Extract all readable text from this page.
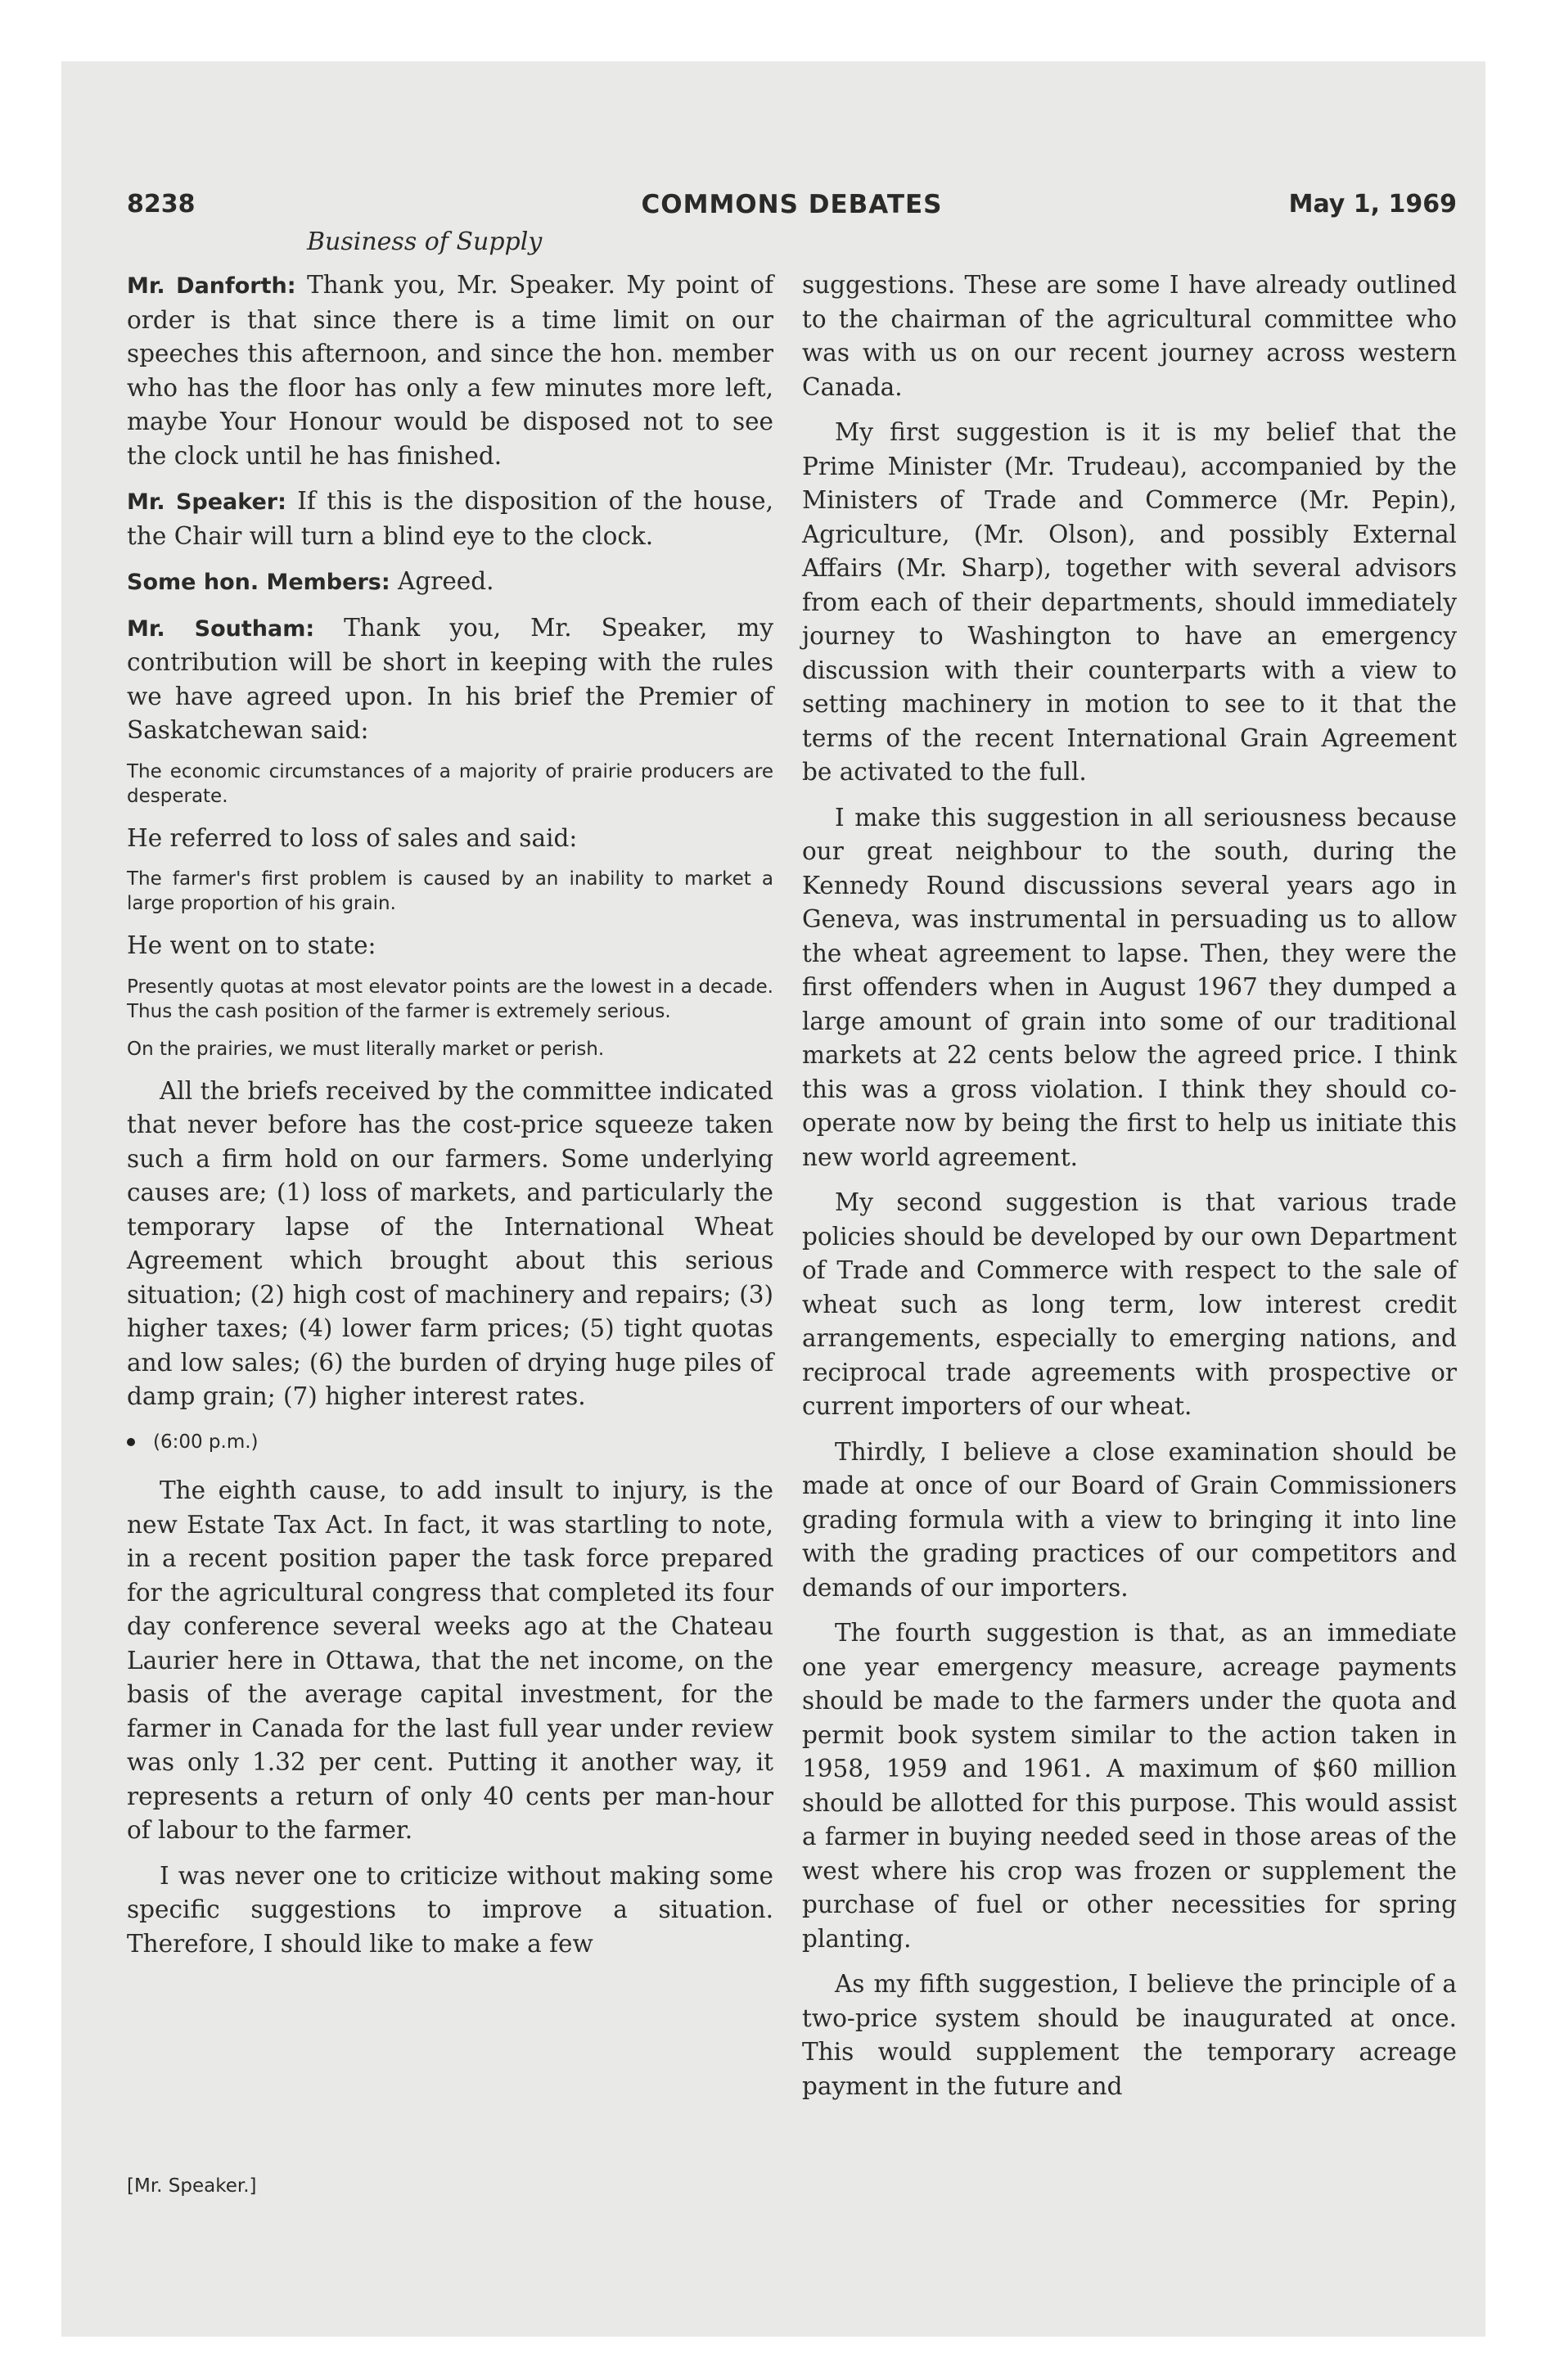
8238	COMMONS DEBATES	May 1, 1969
Business of Supply

Mr. Danforth: Thank you, Mr. Speaker. My point of order is that since there is a time limit on our speeches this afternoon, and since the hon. member who has the floor has only a few minutes more left, maybe Your Honour would be disposed not to see the clock until he has finished.

Mr. Speaker: If this is the disposition of the house, the Chair will turn a blind eye to the clock.

Some hon. Members: Agreed.

Mr. Southam: Thank you, Mr. Speaker, my contribution will be short in keeping with the rules we have agreed upon. In his brief the Premier of Saskatchewan said:

The economic circumstances of a majority of prairie producers are desperate.

He referred to loss of sales and said:

The farmer's first problem is caused by an inability to market a large proportion of his grain.

He went on to state:

Presently quotas at most elevator points are the lowest in a decade. Thus the cash position of the farmer is extremely serious.

On the prairies, we must literally market or perish.

All the briefs received by the committee indicated that never before has the cost-price squeeze taken such a firm hold on our farmers. Some underlying causes are; (1) loss of markets, and particularly the temporary lapse of the International Wheat Agreement which brought about this serious situation; (2) high cost of machinery and repairs; (3) higher taxes; (4) lower farm prices; (5) tight quotas and low sales; (6) the burden of drying huge piles of damp grain; (7) higher interest rates.

(6:00 p.m.)

The eighth cause, to add insult to injury, is the new Estate Tax Act. In fact, it was startling to note, in a recent position paper the task force prepared for the agricultural congress that completed its four day conference several weeks ago at the Chateau Laurier here in Ottawa, that the net income, on the basis of the average capital investment, for the farmer in Canada for the last full year under review was only 1.32 per cent. Putting it another way, it represents a return of only 40 cents per man-hour of labour to the farmer.

I was never one to criticize without making some specific suggestions to improve a situation. Therefore, I should like to make a few

suggestions. These are some I have already outlined to the chairman of the agricultural committee who was with us on our recent journey across western Canada.

My first suggestion is it is my belief that the Prime Minister (Mr. Trudeau), accompanied by the Ministers of Trade and Commerce (Mr. Pepin), Agriculture, (Mr. Olson), and possibly External Affairs (Mr. Sharp), together with several advisors from each of their departments, should immediately journey to Washington to have an emergency discussion with their counterparts with a view to setting machinery in motion to see to it that the terms of the recent International Grain Agreement be activated to the full.

I make this suggestion in all seriousness because our great neighbour to the south, during the Kennedy Round discussions several years ago in Geneva, was instrumental in persuading us to allow the wheat agreement to lapse. Then, they were the first offenders when in August 1967 they dumped a large amount of grain into some of our traditional markets at 22 cents below the agreed price. I think this was a gross violation. I think they should co-operate now by being the first to help us initiate this new world agreement.

My second suggestion is that various trade policies should be developed by our own Department of Trade and Commerce with respect to the sale of wheat such as long term, low interest credit arrangements, especially to emerging nations, and reciprocal trade agreements with prospective or current importers of our wheat.

Thirdly, I believe a close examination should be made at once of our Board of Grain Commissioners grading formula with a view to bringing it into line with the grading practices of our competitors and demands of our importers.

The fourth suggestion is that, as an immediate one year emergency measure, acreage payments should be made to the farmers under the quota and permit book system similar to the action taken in 1958, 1959 and 1961. A maximum of $60 million should be allotted for this purpose. This would assist a farmer in buying needed seed in those areas of the west where his crop was frozen or supplement the purchase of fuel or other necessities for spring planting.

As my fifth suggestion, I believe the principle of a two-price system should be inaugurated at once. This would supplement the temporary acreage payment in the future and

[Mr. Speaker.]
